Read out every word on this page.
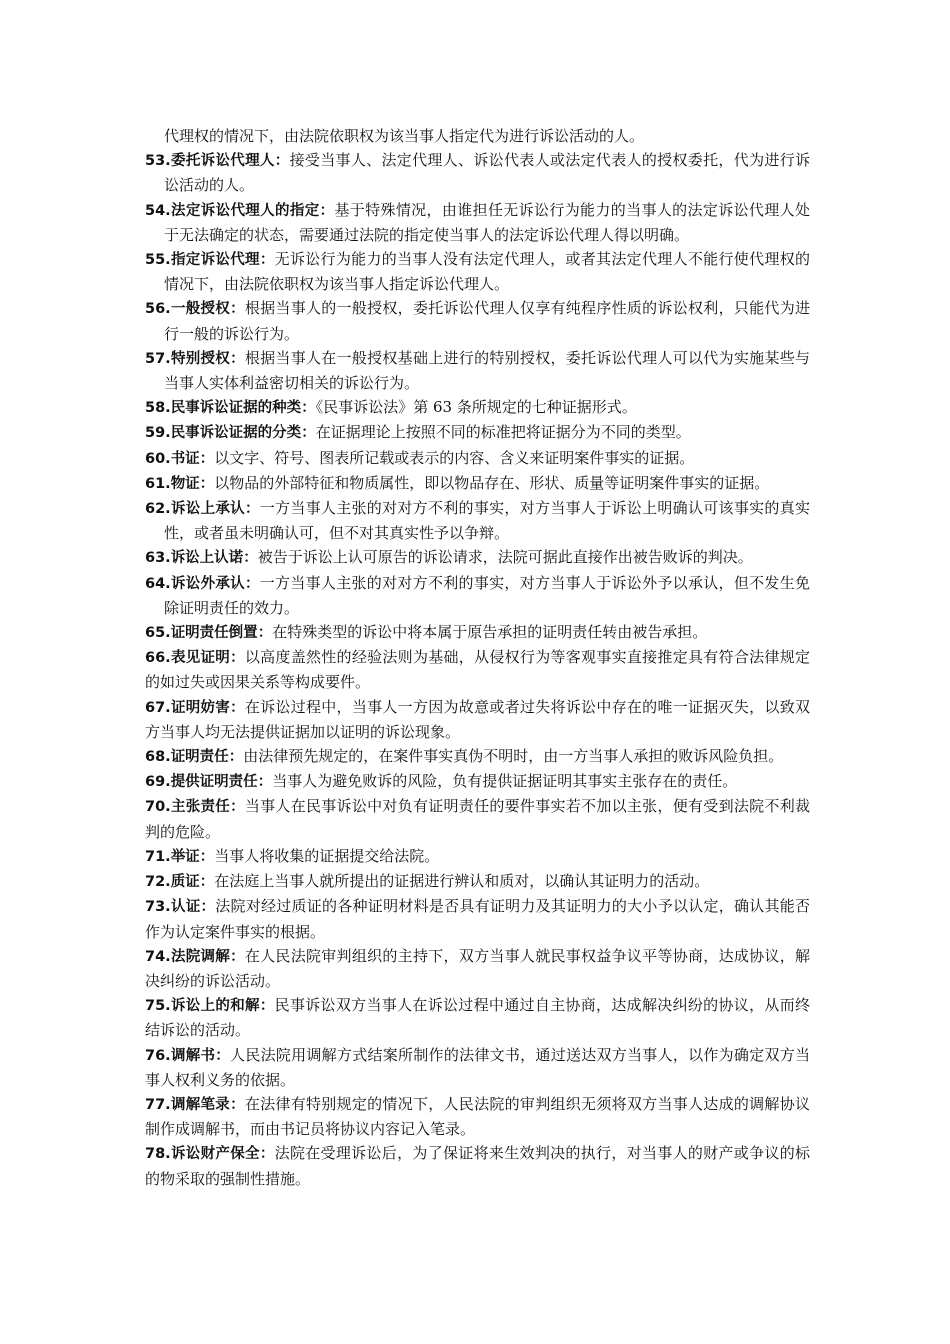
代理权的情况下，由法院依职权为该当事人指定代为进行诉讼活动的人。

53.委托诉讼代理人：接受当事人、法定代理人、诉讼代表人或法定代表人的授权委托，代为进行诉讼活动的人。

54.法定诉讼代理人的指定：基于特殊情况，由谁担任无诉讼行为能力的当事人的法定诉讼代理人处于无法确定的状态，需要通过法院的指定使当事人的法定诉讼代理人得以明确。

55.指定诉讼代理：无诉讼行为能力的当事人没有法定代理人，或者其法定代理人不能行使代理权的情况下，由法院依职权为该当事人指定诉讼代理人。

56.一般授权：根据当事人的一般授权，委托诉讼代理人仅享有纯程序性质的诉讼权利，只能代为进行一般的诉讼行为。

57.特别授权：根据当事人在一般授权基础上进行的特别授权，委托诉讼代理人可以代为实施某些与当事人实体利益密切相关的诉讼行为。

58.民事诉讼证据的种类：《民事诉讼法》第 63 条所规定的七种证据形式。

59.民事诉讼证据的分类：在证据理论上按照不同的标准把将证据分为不同的类型。

60.书证：以文字、符号、图表所记载或表示的内容、含义来证明案件事实的证据。

61.物证：以物品的外部特征和物质属性，即以物品存在、形状、质量等证明案件事实的证据。

62.诉讼上承认：一方当事人主张的对对方不利的事实，对方当事人于诉讼上明确认可该事实的真实性，或者虽未明确认可，但不对其真实性予以争辩。

63.诉讼上认诺：被告于诉讼上认可原告的诉讼请求，法院可据此直接作出被告败诉的判决。

64.诉讼外承认：一方当事人主张的对对方不利的事实，对方当事人于诉讼外予以承认，但不发生免除证明责任的效力。

65.证明责任倒置：在特殊类型的诉讼中将本属于原告承担的证明责任转由被告承担。

66.表见证明：以高度盖然性的经验法则为基础，从侵权行为等客观事实直接推定具有符合法律规定的如过失或因果关系等构成要件。

67.证明妨害：在诉讼过程中，当事人一方因为故意或者过失将诉讼中存在的唯一证据灭失，以致双方当事人均无法提供证据加以证明的诉讼现象。

68.证明责任：由法律预先规定的，在案件事实真伪不明时，由一方当事人承担的败诉风险负担。

69.提供证明责任：当事人为避免败诉的风险，负有提供证据证明其事实主张存在的责任。

70.主张责任：当事人在民事诉讼中对负有证明责任的要件事实若不加以主张，便有受到法院不利裁判的危险。

71.举证：当事人将收集的证据提交给法院。

72.质证：在法庭上当事人就所提出的证据进行辨认和质对，以确认其证明力的活动。

73.认证：法院对经过质证的各种证明材料是否具有证明力及其证明力的大小予以认定，确认其能否作为认定案件事实的根据。

74.法院调解：在人民法院审判组织的主持下，双方当事人就民事权益争议平等协商，达成协议，解决纠纷的诉讼活动。

75.诉讼上的和解：民事诉讼双方当事人在诉讼过程中通过自主协商，达成解决纠纷的协议，从而终结诉讼的活动。

76.调解书：人民法院用调解方式结案所制作的法律文书，通过送达双方当事人，以作为确定双方当事人权利义务的依据。

77.调解笔录：在法律有特别规定的情况下，人民法院的审判组织无须将双方当事人达成的调解协议制作成调解书，而由书记员将协议内容记入笔录。

78.诉讼财产保全：法院在受理诉讼后，为了保证将来生效判决的执行，对当事人的财产或争议的标的物采取的强制性措施。
